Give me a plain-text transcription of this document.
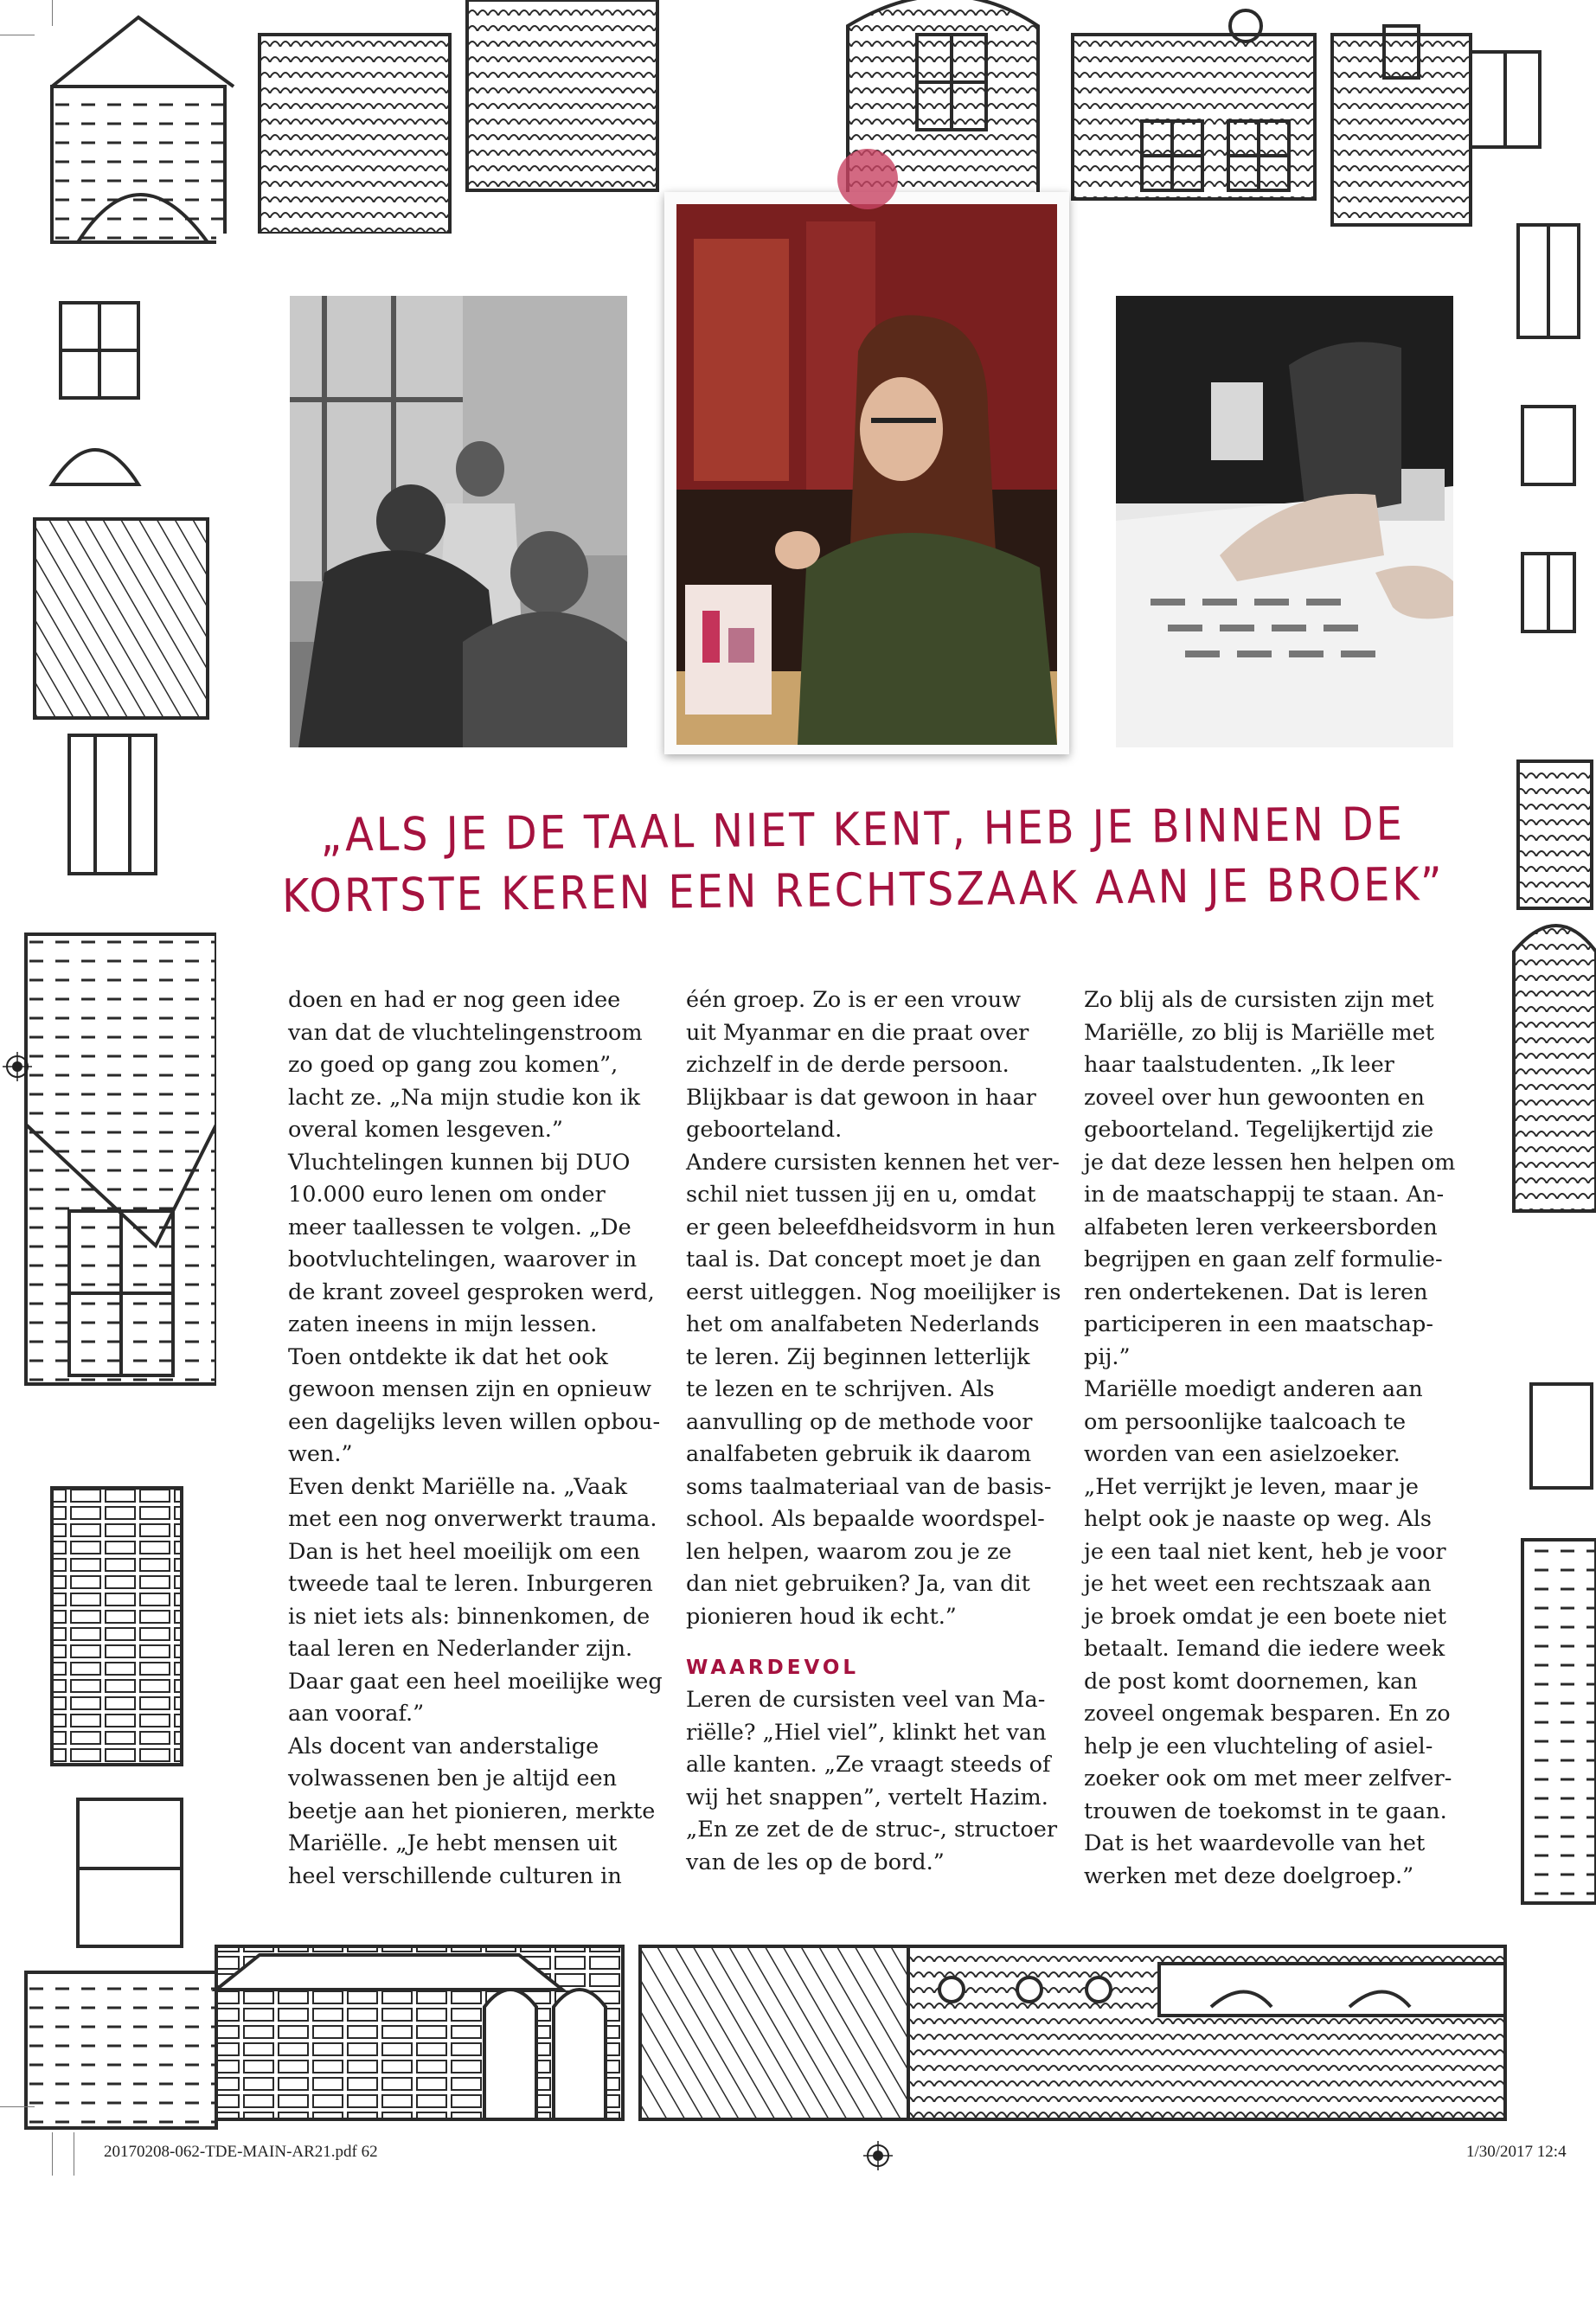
„ALS JE DE TAAL NIET KENT, HEB JE BINNEN DE
KORTSTE KEREN EEN RECHTSZAAK AAN JE BROEK”
doen en had er nog geen idee
van dat de vluchtelingenstroom
zo goed op gang zou komen”,
lacht ze. „Na mijn studie kon ik
overal komen lesgeven.”
Vluchtelingen kunnen bij DUO
10.000 euro lenen om onder
meer taallessen te volgen. „De
bootvluchtelingen, waarover in
de krant zoveel gesproken werd,
zaten ineens in mijn lessen.
Toen ontdekte ik dat het ook
gewoon mensen zijn en opnieuw
een dagelijks leven willen opbou-
wen.”
Even denkt Mariëlle na. „Vaak
met een nog onverwerkt trauma.
Dan is het heel moeilijk om een
tweede taal te leren. Inburgeren
is niet iets als: binnenkomen, de
taal leren en Nederlander zijn.
Daar gaat een heel moeilijke weg
aan vooraf.”
Als docent van anderstalige
volwassenen ben je altijd een
beetje aan het pionieren, merkte
Mariëlle. „Je hebt mensen uit
heel verschillende culturen in
één groep. Zo is er een vrouw
uit Myanmar en die praat over
zichzelf in de derde persoon.
Blijkbaar is dat gewoon in haar
geboorteland.
Andere cursisten kennen het ver-
schil niet tussen jij en u, omdat
er geen beleefdheidsvorm in hun
taal is. Dat concept moet je dan
eerst uitleggen. Nog moeilijker is
het om analfabeten Nederlands
te leren. Zij beginnen letterlijk
te lezen en te schrijven. Als
aanvulling op de methode voor
analfabeten gebruik ik daarom
soms taalmateriaal van de basis-
school. Als bepaalde woordspel-
len helpen, waarom zou je ze
dan niet gebruiken? Ja, van dit
pionieren houd ik echt.”
WAARDEVOL
Leren de cursisten veel van Ma-
riëlle? „Hiel viel”, klinkt het van
alle kanten. „Ze vraagt steeds of
wij het snappen”, vertelt Hazim.
„En ze zet de de struc-, structoer
van de les op de bord.”
Zo blij als de cursisten zijn met
Mariëlle, zo blij is Mariëlle met
haar taalstudenten. „Ik leer
zoveel over hun gewoonten en
geboorteland. Tegelijkertijd zie
je dat deze lessen hen helpen om
in de maatschappij te staan. An-
alfabeten leren verkeersborden
begrijpen en gaan zelf formulie-
ren ondertekenen. Dat is leren
participeren in een maatschap-
pij.”
Mariëlle moedigt anderen aan
om persoonlijke taalcoach te
worden van een asielzoeker.
„Het verrijkt je leven, maar je
helpt ook je naaste op weg. Als
je een taal niet kent, heb je voor
je het weet een rechtszaak aan
je broek omdat je een boete niet
betaalt. Iemand die iedere week
de post komt doornemen, kan
zoveel ongemak besparen. En zo
help je een vluchteling of asiel-
zoeker ook om met meer zelfver-
trouwen de toekomst in te gaan.
Dat is het waardevolle van het
werken met deze doelgroep.”
20170208-062-TDE-MAIN-AR21.pdf 62	1/30/2017 12:4
